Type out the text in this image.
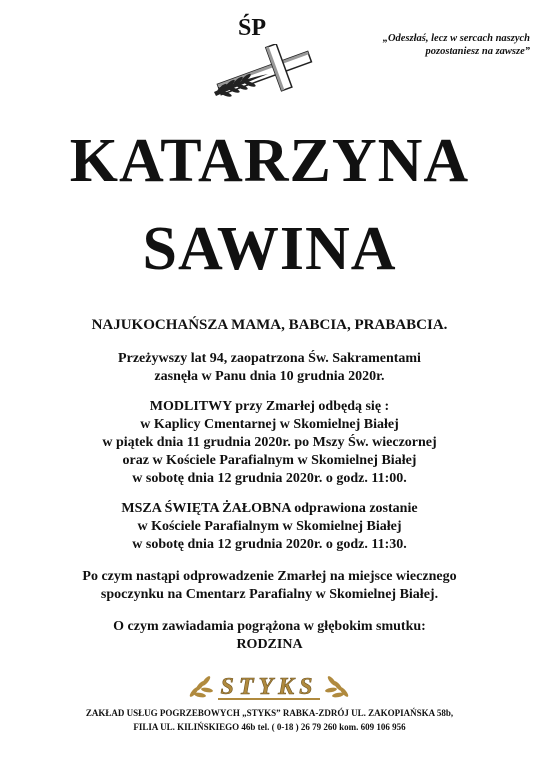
ŚP	„Odeszłaś, lecz w sercach naszych
pozostaniesz na zawsze”
KATARZYNA
SAWINA
NAJUKOCHAŃSZA MAMA, BABCIA, PRABABCIA.
Przeżywszy lat 94, zaopatrzona Św. Sakramentami
zasnęła w Panu dnia 10 grudnia 2020r.
MODLITWY przy Zmarłej odbędą się :
w Kaplicy Cmentarnej w Skomielnej Białej
w piątek dnia 11 grudnia 2020r. po Mszy Św. wieczornej
oraz w Kościele Parafialnym w Skomielnej Białej
w sobotę dnia 12 grudnia 2020r. o godz. 11:00.
MSZA ŚWIĘTA ŻAŁOBNA odprawiona zostanie
w Kościele Parafialnym w Skomielnej Białej
w sobotę dnia 12 grudnia 2020r. o godz. 11:30.
Po czym nastąpi odprowadzenie Zmarłej na miejsce wiecznego
spoczynku na Cmentarz Parafialny w Skomielnej Białej.
O czym zawiadamia pogrążona w głębokim smutku:
RODZINA
STYKS
ZAKŁAD USŁUG POGRZEBOWYCH „STYKS” RABKA-ZDRÓJ UL. ZAKOPIAŃSKA 58b,
FILIA UL. KILIŃSKIEGO 46b tel. ( 0-18 ) 26 79 260 kom. 609 106 956
